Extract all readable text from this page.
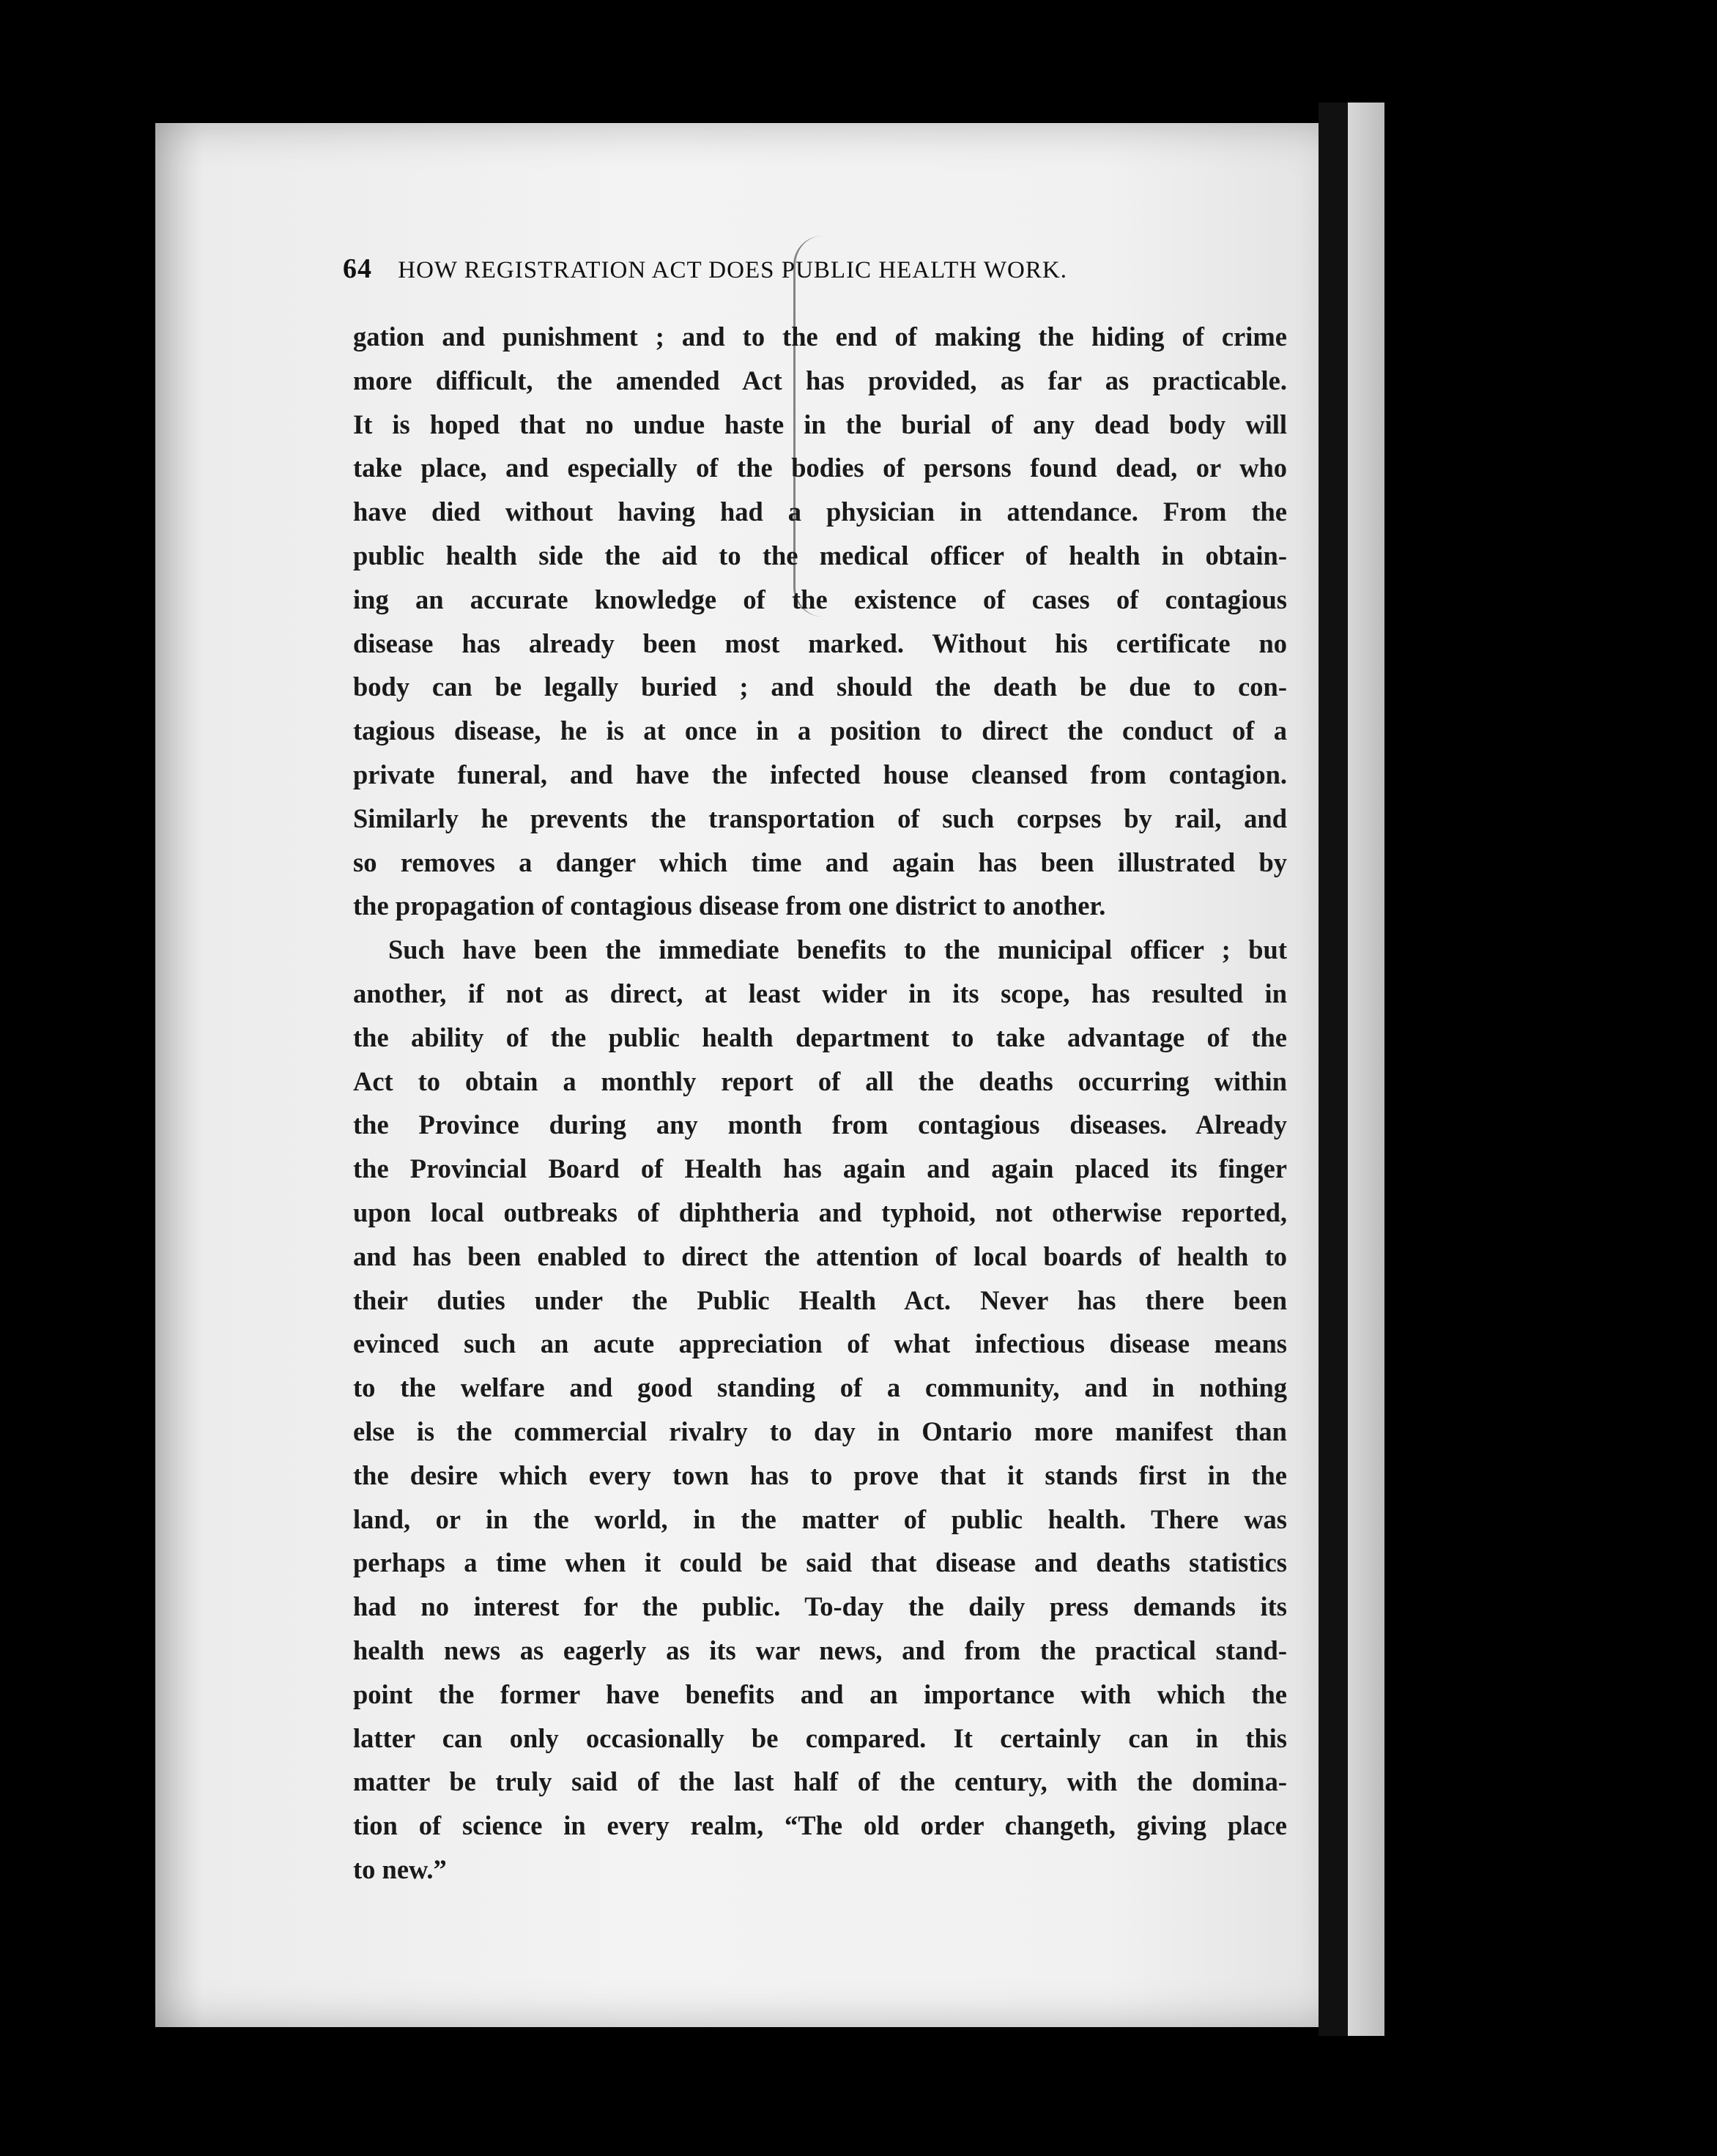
64 HOW REGISTRATION ACT DOES PUBLIC HEALTH WORK.
gation and punishment ; and to the end of making the hiding of crime
more difficult, the amended Act has provided, as far as practicable.
It is hoped that no undue haste in the burial of any dead body will
take place, and especially of the bodies of persons found dead, or who
have died without having had a physician in attendance. From the
public health side the aid to the medical officer of health in obtain-
ing an accurate knowledge of the existence of cases of contagious
disease has already been most marked. Without his certificate no
body can be legally buried ; and should the death be due to con-
tagious disease, he is at once in a position to direct the conduct of a
private funeral, and have the infected house cleansed from contagion.
Similarly he prevents the transportation of such corpses by rail, and
so removes a danger which time and again has been illustrated by
the propagation of contagious disease from one district to another.
Such have been the immediate benefits to the municipal officer ; but
another, if not as direct, at least wider in its scope, has resulted in
the ability of the public health department to take advantage of the
Act to obtain a monthly report of all the deaths occurring within
the Province during any month from contagious diseases. Already
the Provincial Board of Health has again and again placed its finger
upon local outbreaks of diphtheria and typhoid, not otherwise reported,
and has been enabled to direct the attention of local boards of health to
their duties under the Public Health Act. Never has there been
evinced such an acute appreciation of what infectious disease means
to the welfare and good standing of a community, and in nothing
else is the commercial rivalry to day in Ontario more manifest than
the desire which every town has to prove that it stands first in the
land, or in the world, in the matter of public health. There was
perhaps a time when it could be said that disease and deaths statistics
had no interest for the public. To-day the daily press demands its
health news as eagerly as its war news, and from the practical stand-
point the former have benefits and an importance with which the
latter can only occasionally be compared. It certainly can in this
matter be truly said of the last half of the century, with the domina-
tion of science in every realm, “The old order changeth, giving place
to new.”
